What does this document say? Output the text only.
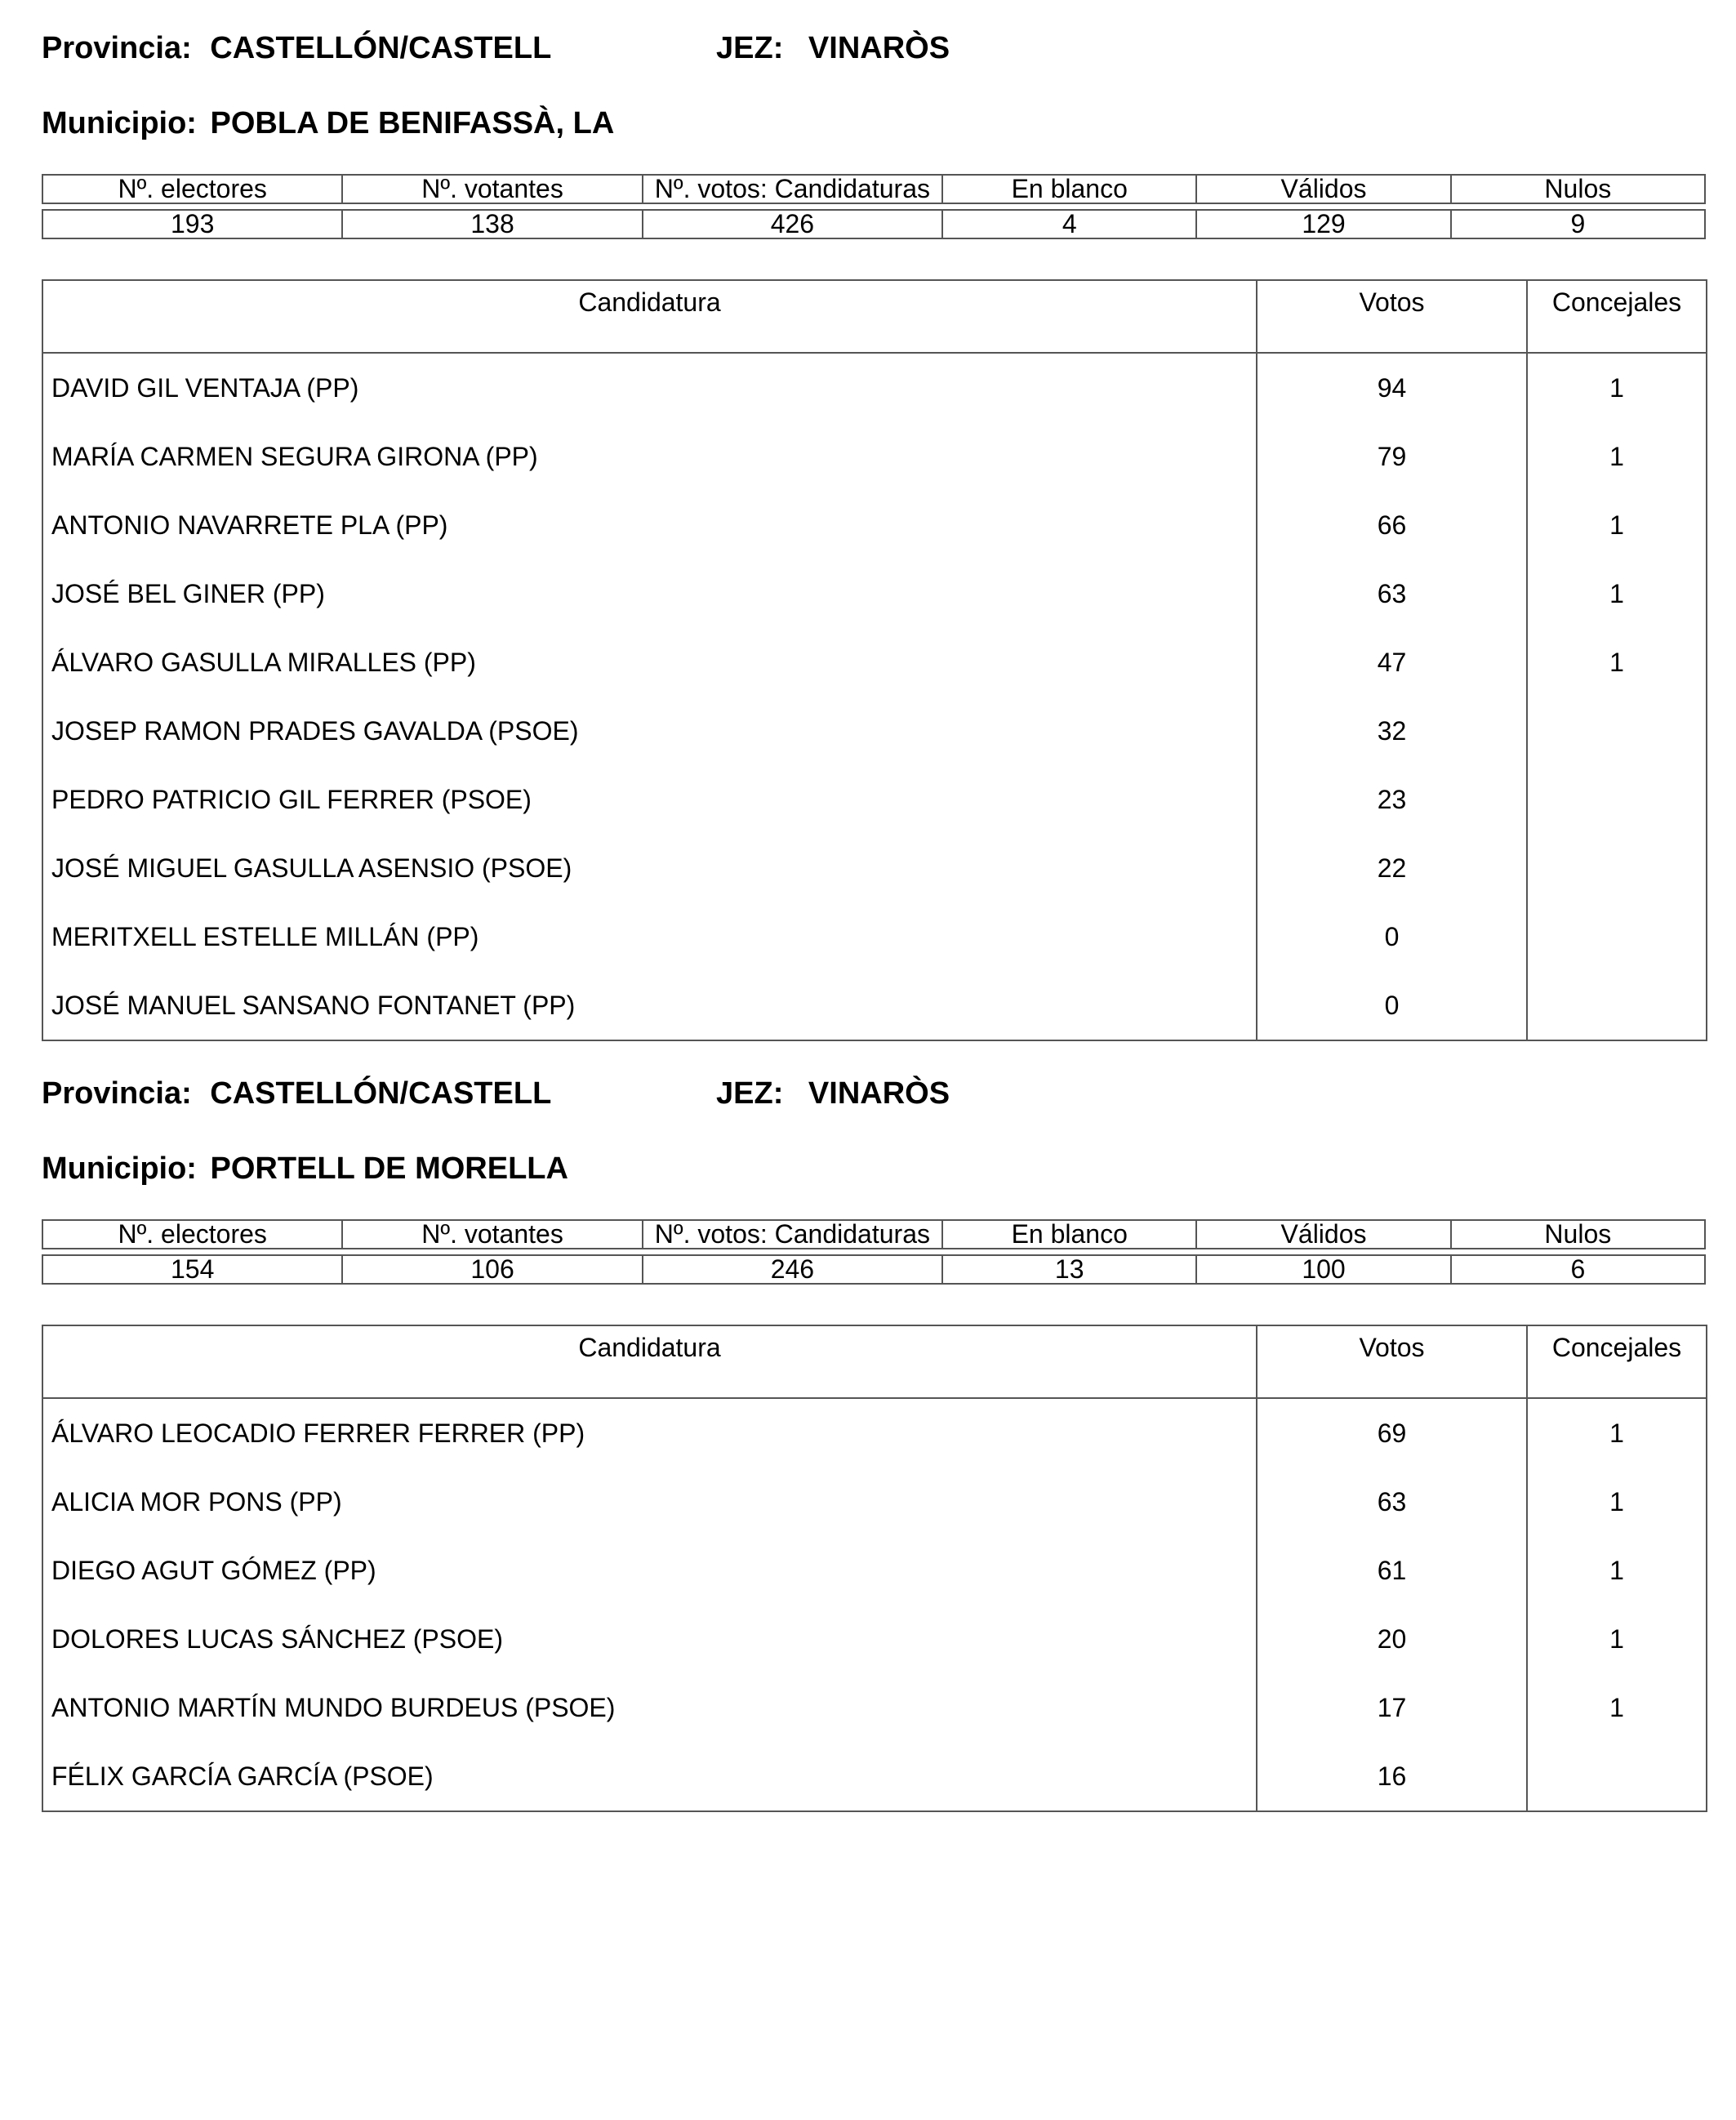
Provincia: CASTELLÓN/CASTELL	JEZ: VINARÒS
Municipio: POBLA DE BENIFASSÀ, LA
Nº. electores	Nº. votantes	Nº. votos: Candidaturas	En blanco	Válidos	Nulos

193	138	426	4	129	9
Candidatura	Votos	Concejales
DAVID GIL VENTAJA (PP)	94	1
MARÍA CARMEN SEGURA GIRONA (PP)	79	1
ANTONIO NAVARRETE PLA (PP)	66	1
JOSÉ BEL GINER (PP)	63	1
ÁLVARO GASULLA MIRALLES (PP)	47	1
JOSEP RAMON PRADES GAVALDA (PSOE)	32	
PEDRO PATRICIO GIL FERRER (PSOE)	23	
JOSÉ MIGUEL GASULLA ASENSIO (PSOE)	22	
MERITXELL ESTELLE MILLÁN (PP)	0	
JOSÉ MANUEL SANSANO FONTANET (PP)	0	
Provincia: CASTELLÓN/CASTELL	JEZ: VINARÒS
Municipio: PORTELL DE MORELLA
Nº. electores	Nº. votantes	Nº. votos: Candidaturas	En blanco	Válidos	Nulos

154	106	246	13	100	6
Candidatura	Votos	Concejales
ÁLVARO LEOCADIO FERRER FERRER (PP)	69	1
ALICIA MOR PONS (PP)	63	1
DIEGO AGUT GÓMEZ (PP)	61	1
DOLORES LUCAS SÁNCHEZ (PSOE)	20	1
ANTONIO MARTÍN MUNDO BURDEUS (PSOE)	17	1
FÉLIX GARCÍA GARCÍA (PSOE)	16	
